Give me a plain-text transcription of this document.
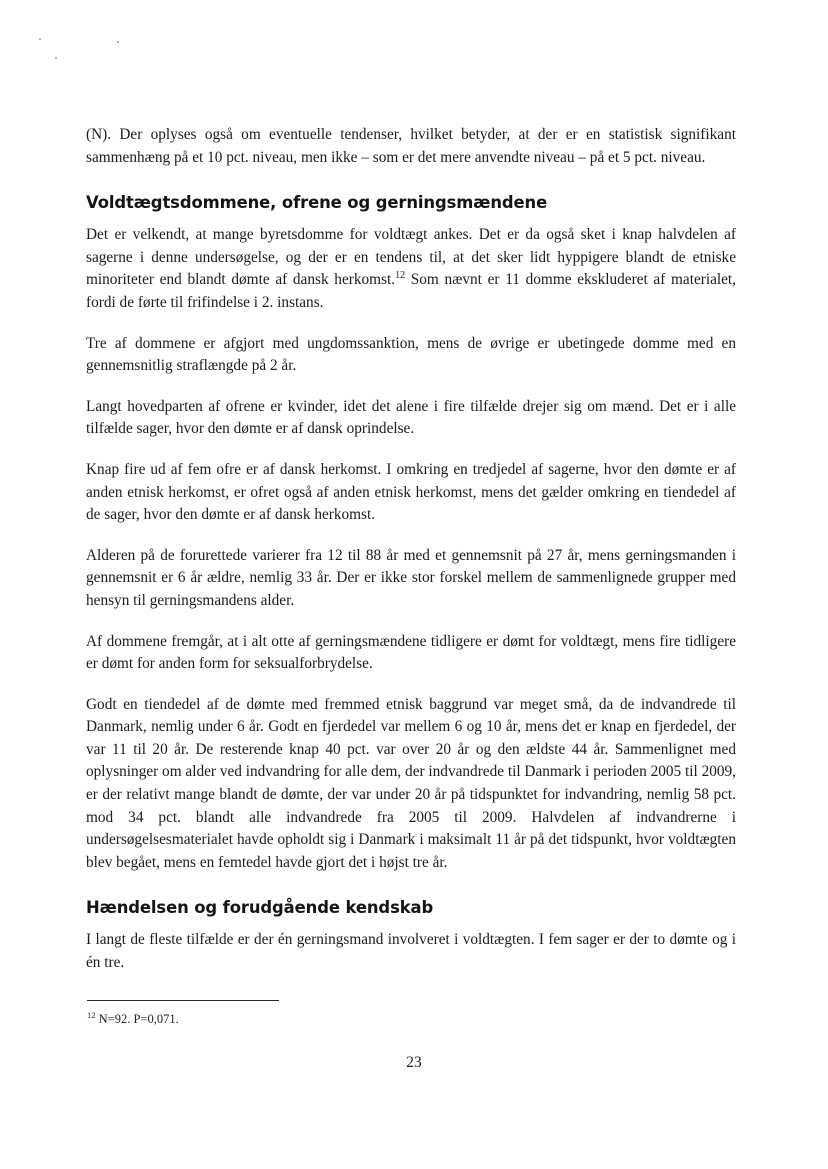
(N). Der oplyses også om eventuelle tendenser, hvilket betyder, at der er en statistisk signifikant sammenhæng på et 10 pct. niveau, men ikke – som er det mere anvendte niveau – på et 5 pct. niveau.

Voldtægtsdommene, ofrene og gerningsmændene

Det er velkendt, at mange byretsdomme for voldtægt ankes. Det er da også sket i knap halvdelen af sagerne i denne undersøgelse, og der er en tendens til, at det sker lidt hyppigere blandt de etniske minoriteter end blandt dømte af dansk herkomst.$^{12}$ Som nævnt er 11 domme ekskluderet af materialet, fordi de førte til frifindelse i 2. instans.

Tre af dommene er afgjort med ungdomssanktion, mens de øvrige er ubetingede domme med en gennemsnitlig straflængde på 2 år.

Langt hovedparten af ofrene er kvinder, idet det alene i fire tilfælde drejer sig om mænd. Det er i alle tilfælde sager, hvor den dømte er af dansk oprindelse.

Knap fire ud af fem ofre er af dansk herkomst. I omkring en tredjedel af sagerne, hvor den dømte er af anden etnisk herkomst, er ofret også af anden etnisk herkomst, mens det gælder omkring en tiendedel af de sager, hvor den dømte er af dansk herkomst.

Alderen på de forurettede varierer fra 12 til 88 år med et gennemsnit på 27 år, mens gerningsmanden i gennemsnit er 6 år ældre, nemlig 33 år. Der er ikke stor forskel mellem de sammenlignede grupper med hensyn til gerningsmandens alder.

Af dommene fremgår, at i alt otte af gerningsmændene tidligere er dømt for voldtægt, mens fire tidligere er dømt for anden form for seksualforbrydelse.

Godt en tiendedel af de dømte med fremmed etnisk baggrund var meget små, da de indvandrede til Danmark, nemlig under 6 år. Godt en fjerdedel var mellem 6 og 10 år, mens det er knap en fjerdedel, der var 11 til 20 år. De resterende knap 40 pct. var over 20 år og den ældste 44 år. Sammenlignet med oplysninger om alder ved indvandring for alle dem, der indvandrede til Danmark i perioden 2005 til 2009, er der relativt mange blandt de dømte, der var under 20 år på tidspunktet for indvandring, nemlig 58 pct. mod 34 pct. blandt alle indvandrede fra 2005 til 2009. Halvdelen af indvandrerne i undersøgelsesmaterialet havde opholdt sig i Danmark i maksimalt 11 år på det tidspunkt, hvor voldtægten blev begået, mens en femtedel havde gjort det i højst tre år.

Hændelsen og forudgående kendskab

I langt de fleste tilfælde er der én gerningsmand involveret i voldtægten. I fem sager er der to dømte og i én tre.

$^{12}$ N=92. P=0,071.
23
